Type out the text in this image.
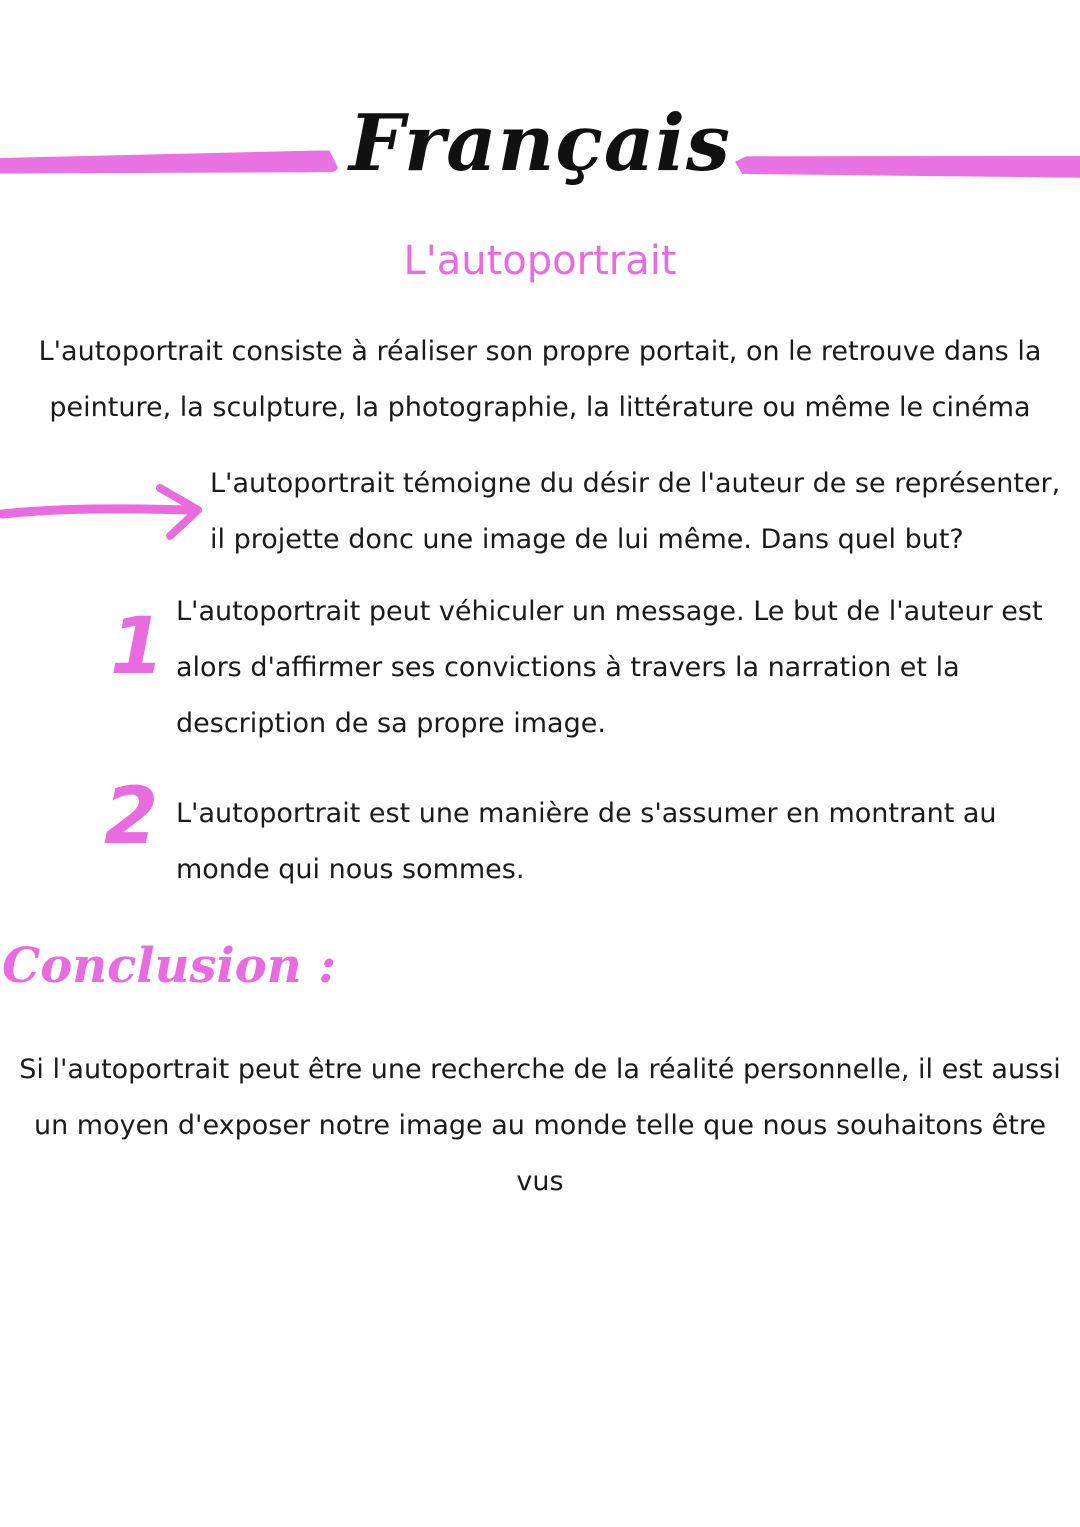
Français
L'autoportrait
L'autoportrait consiste à réaliser son propre portait, on le retrouve dans la peinture, la sculpture, la photographie, la littérature ou même le cinéma
L'autoportrait témoigne du désir de l'auteur de se représenter, il projette donc une image de lui même. Dans quel but?
1 L'autoportrait peut véhiculer un message. Le but de l'auteur est alors d'affirmer ses convictions à travers la narration et la description de sa propre image.
2 L'autoportrait est une manière de s'assumer en montrant au monde qui nous sommes.
Conclusion :
Si l'autoportrait peut être une recherche de la réalité personnelle, il est aussi un moyen d'exposer notre image au monde telle que nous souhaitons être vus
